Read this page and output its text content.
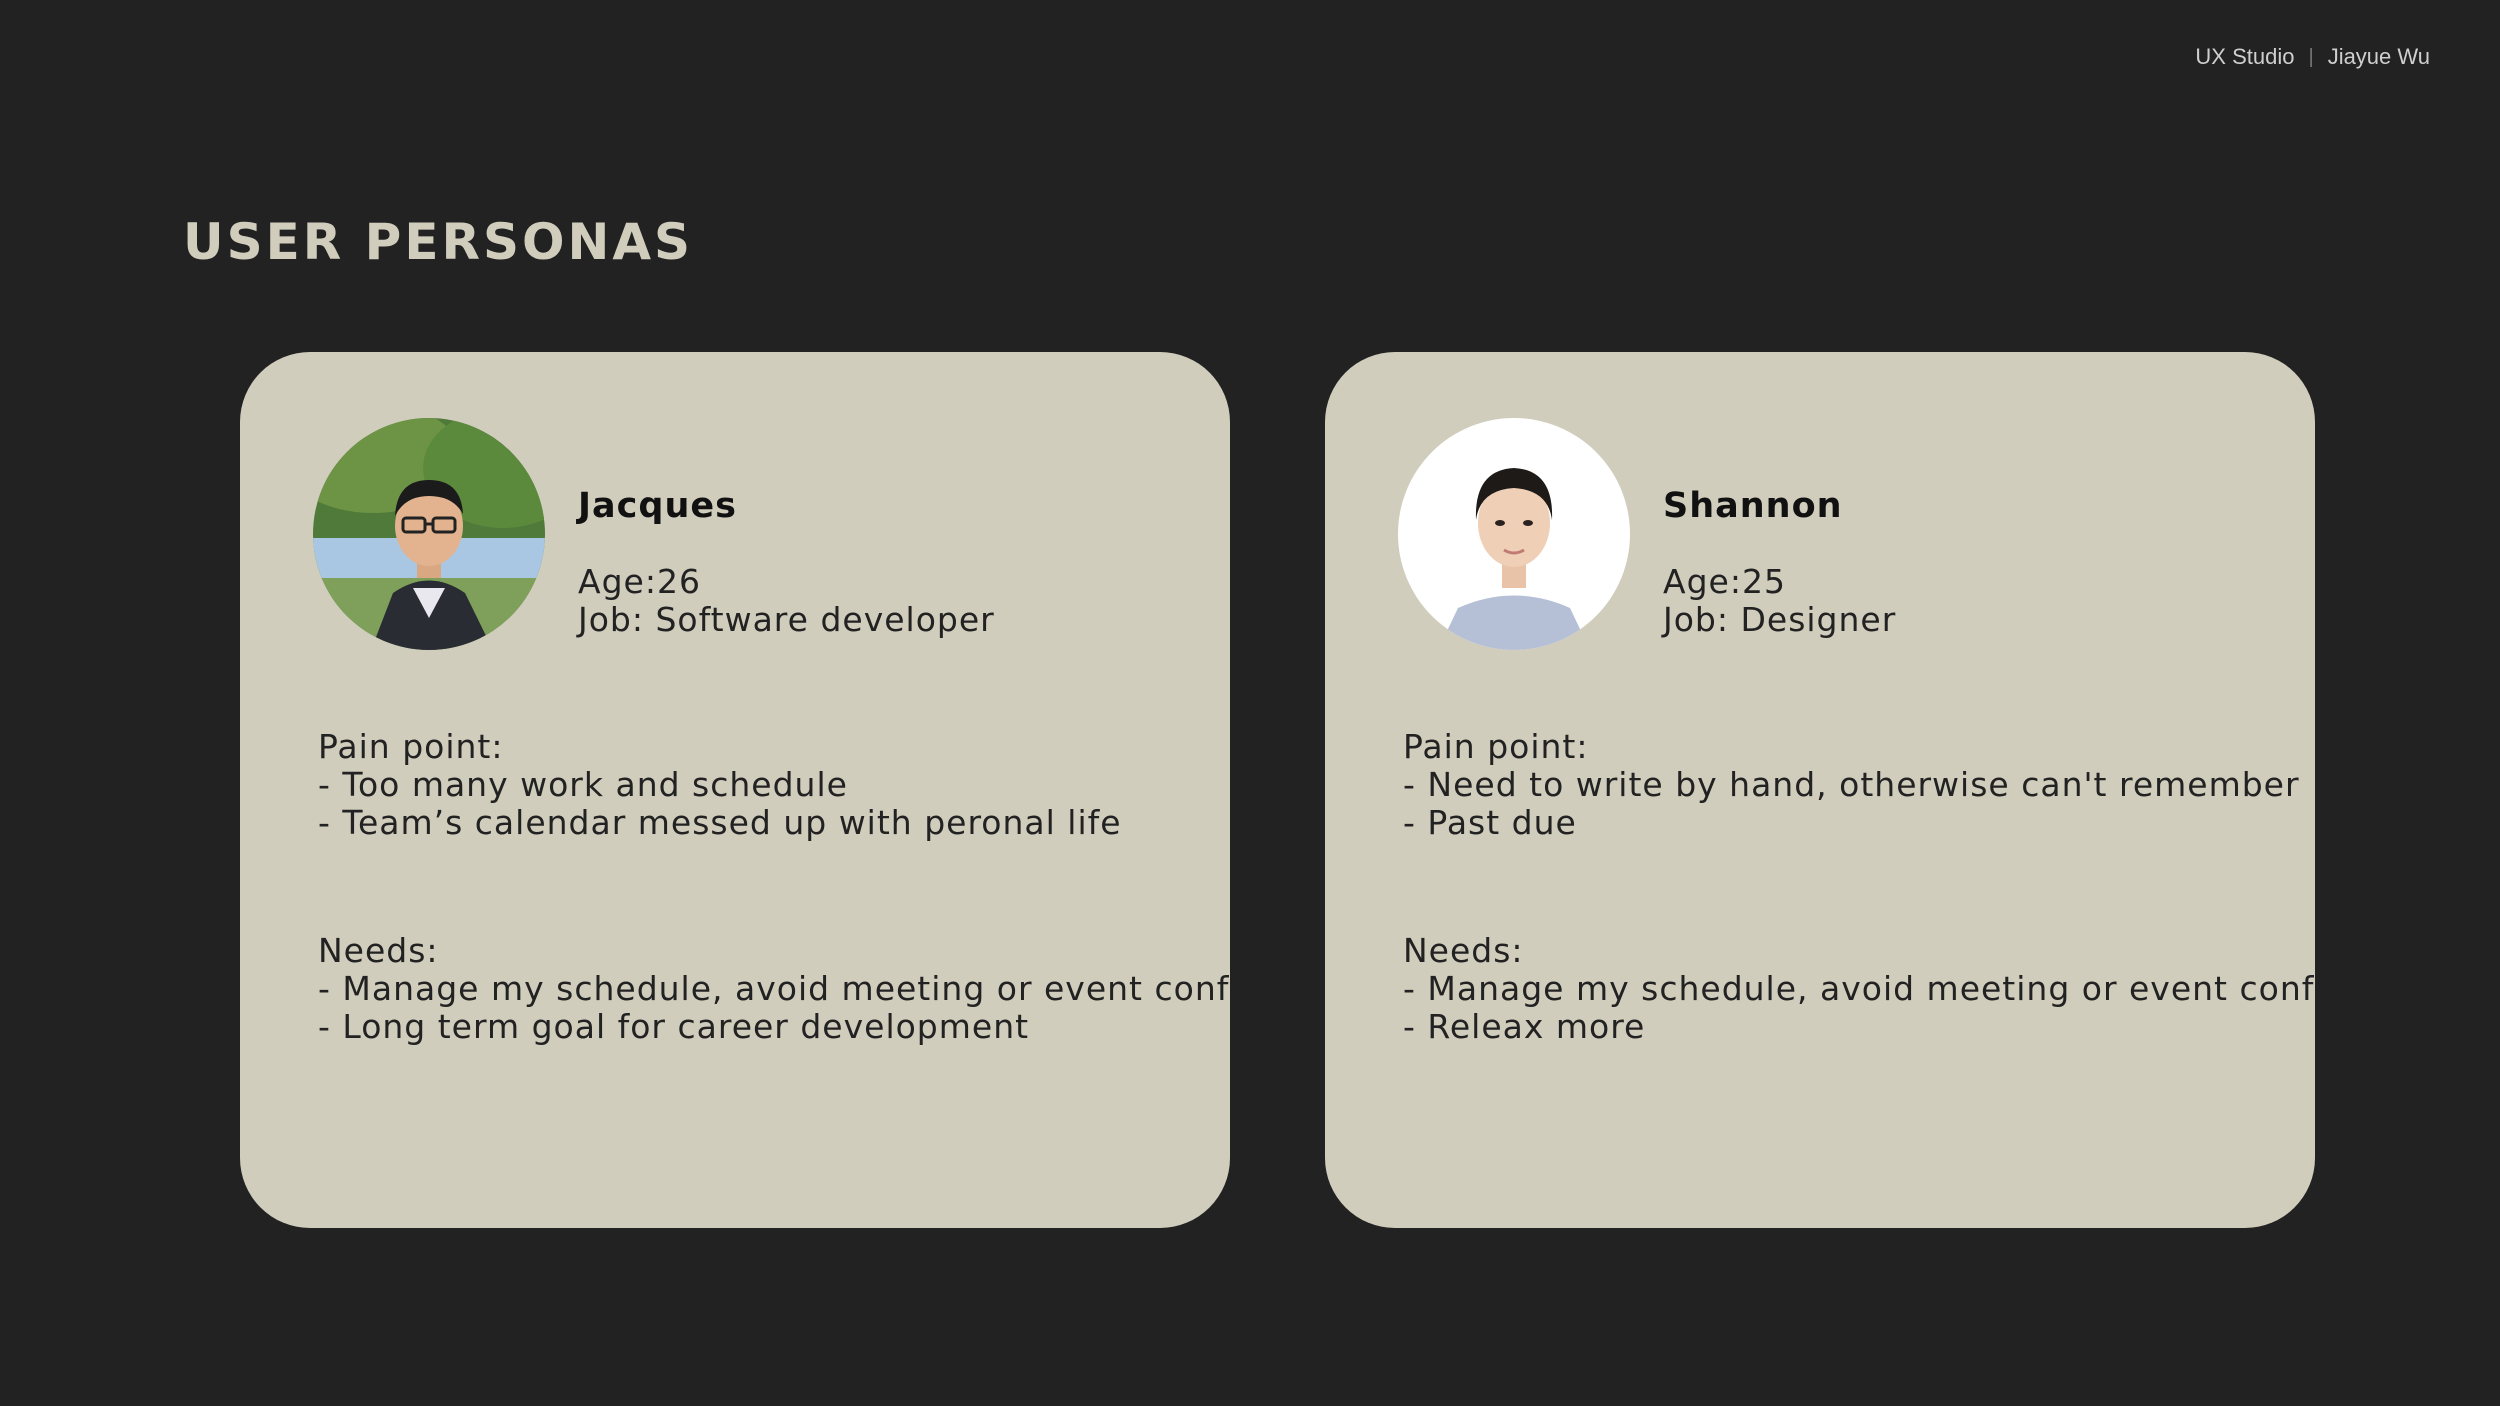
UX Studio | Jiayue Wu
USER PERSONAS
Jacques
Age:26
Job: Software developer
Pain point:
- Too many work and schedule
- Team’s calendar messed up with peronal life
Needs:
- Manage my schedule, avoid meeting or event conflicts.
- Long term goal for career development
Shannon
Age:25
Job: Designer
Pain point:
- Need to write by hand, otherwise can't remember
- Past due
Needs:
- Manage my schedule, avoid meeting or event conflicts.
- Releax more
